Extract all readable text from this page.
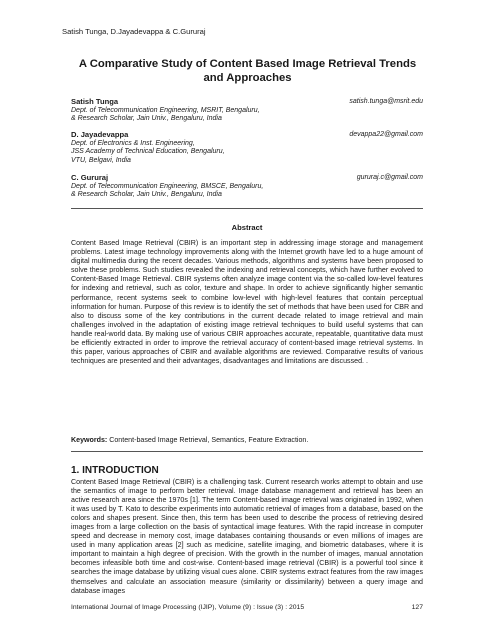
Satish Tunga, D.Jayadevappa & C.Gururaj
A Comparative Study of Content Based Image Retrieval Trends
and Approaches
Satish Tunga	satish.tunga@msrit.edu
Dept. of Telecommunication Engineering, MSRIT, Bengaluru,
& Research Scholar, Jain Univ., Bengaluru, India
D. Jayadevappa	devappa22@gmail.com
Dept. of Electronics & Inst. Engineering,
JSS Academy of Technical Education, Bengaluru,
VTU, Belgavi, India
C. Gururaj	gururaj.c@gmail.com
Dept. of Telecommunication Engineering, BMSCE, Bengaluru,
& Research Scholar, Jain Univ., Bengaluru, India
Abstract
Content Based Image Retrieval (CBIR) is an important step in addressing image storage and management problems. Latest image technology improvements along with the Internet growth have led to a huge amount of digital multimedia during the recent decades. Various methods, algorithms and systems have been proposed to solve these problems. Such studies revealed the indexing and retrieval concepts, which have further evolved to Content-Based Image Retrieval. CBIR systems often analyze image content via the so-called low-level features for indexing and retrieval, such as color, texture and shape. In order to achieve significantly higher semantic performance, recent systems seek to combine low-level with high-level features that contain perceptual information for human. Purpose of this review is to identify the set of methods that have been used for CBR and also to discuss some of the key contributions in the current decade related to image retrieval and main challenges involved in the adaptation of existing image retrieval techniques to build useful systems that can handle real-world data. By making use of various CBIR approaches accurate, repeatable, quantitative data must be efficiently extracted in order to improve the retrieval accuracy of content-based image retrieval systems. In this paper, various approaches of CBIR and available algorithms are reviewed. Comparative results of various techniques are presented and their advantages, disadvantages and limitations are discussed. .
Keywords: Content-based Image Retrieval, Semantics, Feature Extraction.
1. INTRODUCTION
Content Based Image Retrieval (CBIR) is a challenging task. Current research works attempt to obtain and use the semantics of image to perform better retrieval. Image database management and retrieval has been an active research area since the 1970s [1]. The term Content-based image retrieval was originated in 1992, when it was used by T. Kato to describe experiments into automatic retrieval of images from a database, based on the colors and shapes present. Since then, this term has been used to describe the process of retrieving desired images from a large collection on the basis of syntactical image features. With the rapid increase in computer speed and decrease in memory cost, image databases containing thousands or even millions of images are used in many application areas [2] such as medicine, satellite imaging, and biometric databases, where it is important to maintain a high degree of precision. With the growth in the number of images, manual annotation becomes infeasible both time and cost-wise. Content-based image retrieval (CBIR) is a powerful tool since it searches the image database by utilizing visual cues alone. CBIR systems extract features from the raw images themselves and calculate an association measure (similarity or dissimilarity) between a query image and database images
International Journal of Image Processing (IJIP), Volume (9) : Issue (3) : 2015	127
